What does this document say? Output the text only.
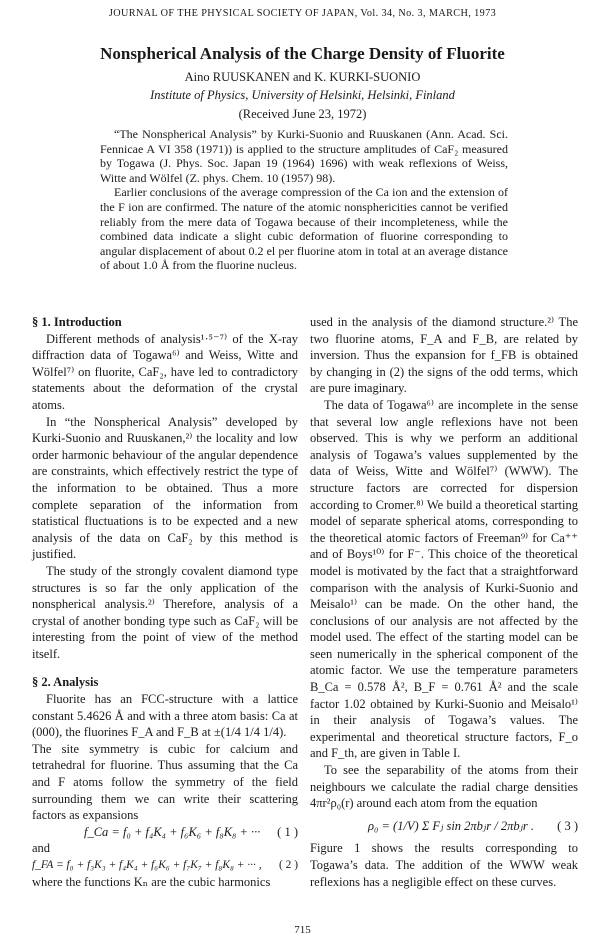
JOURNAL OF THE PHYSICAL SOCIETY OF JAPAN, Vol. 34, No. 3, MARCH, 1973
Nonspherical Analysis of the Charge Density of Fluorite
Aino RUUSKANEN and K. KURKI-SUONIO
Institute of Physics, University of Helsinki, Helsinki, Finland
(Received June 23, 1972)

“The Nonspherical Analysis” by Kurki-Suonio and Ruuskanen (Ann. Acad. Sci. Fennicae A VI 358 (1971)) is applied to the structure amplitudes of CaF₂ measured by Togawa (J. Phys. Soc. Japan 19 (1964) 1696) with weak reflexions of Weiss, Witte and Wölfel (Z. phys. Chem. 10 (1957) 98).

Earlier conclusions of the average compression of the Ca ion and the extension of the F ion are confirmed. The nature of the atomic nonsphericities cannot be verified reliably from the mere data of Togawa because of their incompleteness, while the combined data indicate a slight cubic deformation of fluorine corresponding to angular displacement of about 0.2 el per fluorine atom in total at an average distance of about 1.0 Å from the fluorine nucleus.

§ 1. Introduction

Different methods of analysis¹·⁵⁻⁷⁾ of the X-ray diffraction data of Togawa⁶⁾ and Weiss, Witte and Wölfel⁷⁾ on fluorite, CaF₂, have led to contradictory statements about the deformation of the crystal atoms.

In “the Nonspherical Analysis” developed by Kurki-Suonio and Ruuskanen,²⁾ the locality and low order harmonic behaviour of the angular dependence are constraints, which effectively restrict the type of the information to be obtained. Thus a more complete separation of the information from statistical fluctuations is to be expected and a new analysis of the data on CaF₂ by this method is justified.

The study of the strongly covalent diamond type structures is so far the only application of the nonspherical analysis.²⁾ Therefore, analysis of a crystal of another bonding type such as CaF₂ will be interesting from the point of view of the method itself.

§ 2. Analysis

Fluorite has an FCC-structure with a lattice constant 5.4626 Å and with a three atom basis: Ca at (000), the fluorines F_A and F_B at ±(1/4 1/4 1/4).

The site symmetry is cubic for calcium and tetrahedral for fluorine. Thus assuming that the Ca and F atoms follow the symmetry of the field surrounding them we can write their scattering factors as expansions

( 1 )
f_Ca = f₀ + f₄K₄ + f₆K₆ + f₈K₈ + ···

and

( 2 )
f_FA = f₀ + f₃K₃ + f₄K₄ + f₆K₆ + f₇K₇ + f₈K₈ + ··· ,

where the functions Kₙ are the cubic harmonics

used in the analysis of the diamond structure.²⁾ The two fluorine atoms, F_A and F_B, are related by inversion. Thus the expansion for f_FB is obtained by changing in (2) the signs of the odd terms, which are pure imaginary.

The data of Togawa⁶⁾ are incomplete in the sense that several low angle reflexions have not been observed. This is why we perform an additional analysis of Togawa’s values supplemented by the data of Weiss, Witte and Wölfel⁷⁾ (WWW). The structure factors are corrected for dispersion according to Cromer.⁸⁾ We build a theoretical starting model of separate spherical atoms, corresponding to the theoretical atomic factors of Freeman⁹⁾ for Ca⁺⁺ and of Boys¹⁰⁾ for F⁻. This choice of the theoretical model is motivated by the fact that a straightforward comparison with the analysis of Kurki-Suonio and Meisalo¹⁾ can be made. On the other hand, the conclusions of our analysis are not affected by the model used. The effect of the starting model can be seen numerically in the spherical component of the atomic factor. We use the temperature parameters B_Ca = 0.578 Å², B_F = 0.761 Å² and the scale factor 1.02 obtained by Kurki-Suonio and Meisalo¹⁾ in their analysis of Togawa’s values. The experimental and theoretical structure factors, F_o and F_th, are given in Table I.

To see the separability of the atoms from their neighbours we calculate the radial charge densities 4πr²ρ₀(r) around each atom from the equation

( 3 )
ρ₀ = (1/V) Σ Fⱼ sin 2πbⱼr / 2πbⱼr .

Figure 1 shows the results corresponding to Togawa’s data. The addition of the WWW weak reflexions has a negligible effect on these curves.

715
